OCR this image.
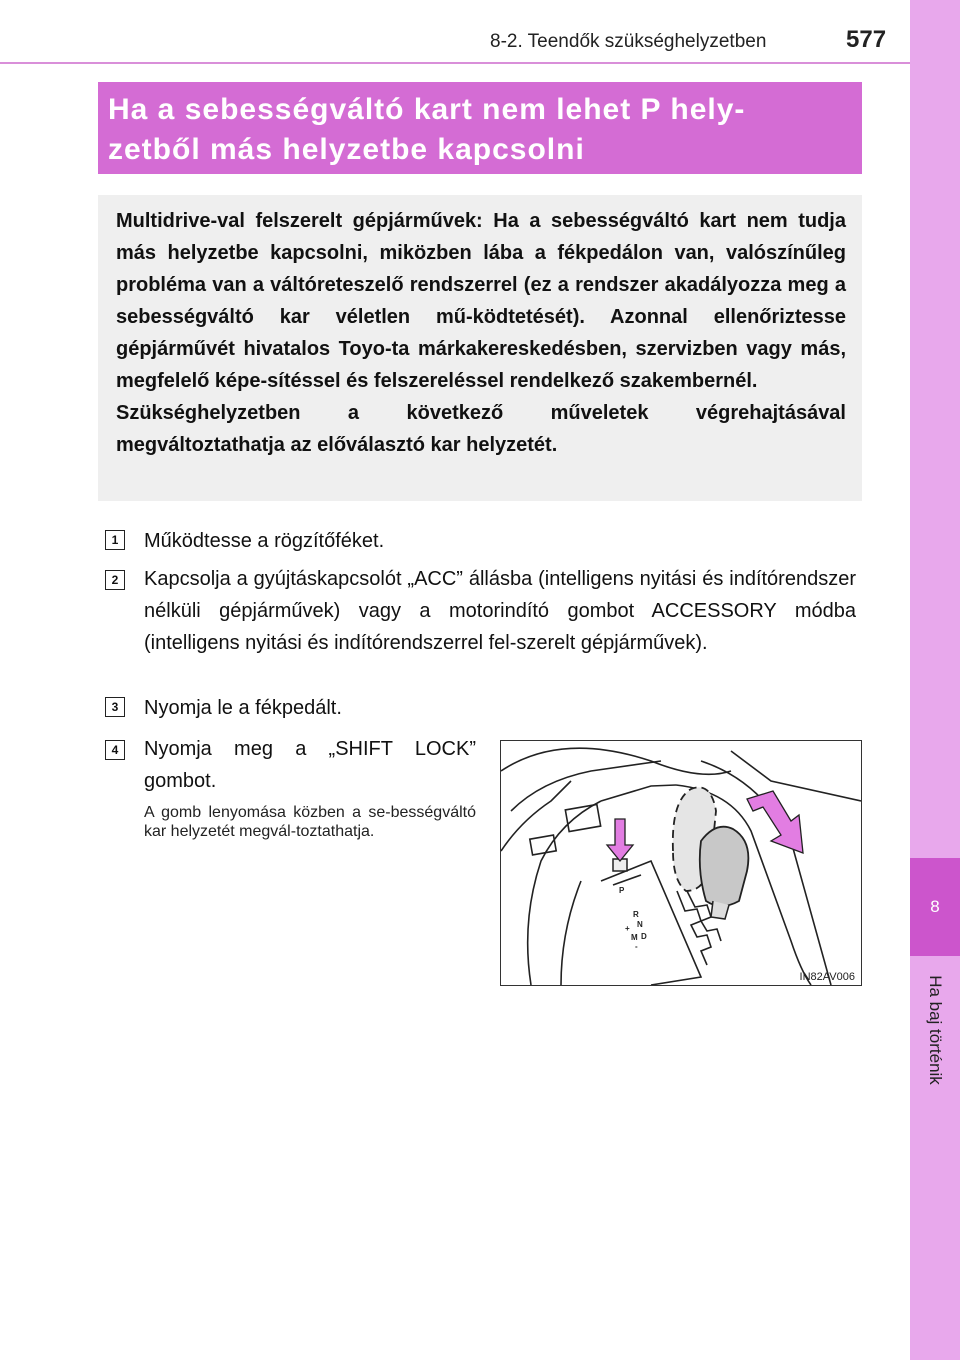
8
Ha baj történik
8-2. Teendők szükséghelyzetben	577
Ha a sebességváltó kart nem lehet P hely-
zetből más helyzetbe kapcsolni

Multidrive-val felszerelt gépjárművek: Ha a sebességváltó kart nem tudja más helyzetbe kapcsolni, miközben lába a fékpedálon van, valószínűleg probléma van a váltóreteszelő rendszerrel (ez a rendszer akadályozza meg a sebességváltó kar véletlen mű-ködtetését). Azonnal ellenőriztesse gépjárművét hivatalos Toyo-ta márkakereskedésben, szervizben vagy más, megfelelő képe-sítéssel és felszereléssel rendelkező szakembernél.

Szükséghelyzetben a következő műveletek végrehajtásával megváltoztathatja az előválasztó kar helyzetét.

1	Működtesse a rögzítőféket.
2	Kapcsolja a gyújtáskapcsolót „ACC” állásba (intelligens nyitási és indítórendszer nélküli gépjárművek) vagy a motorindító gombot ACCESSORY módba (intelligens nyitási és indítórendszerrel fel-szerelt gépjárművek).
3	Nyomja le a fékpedált.
4	Nyomja meg a „SHIFT LOCK” gombot.
A gomb lenyomása közben a se-bességváltó kar helyzetét megvál-toztathatja.
P
R
N
D
M
+
-
IN82AV006
